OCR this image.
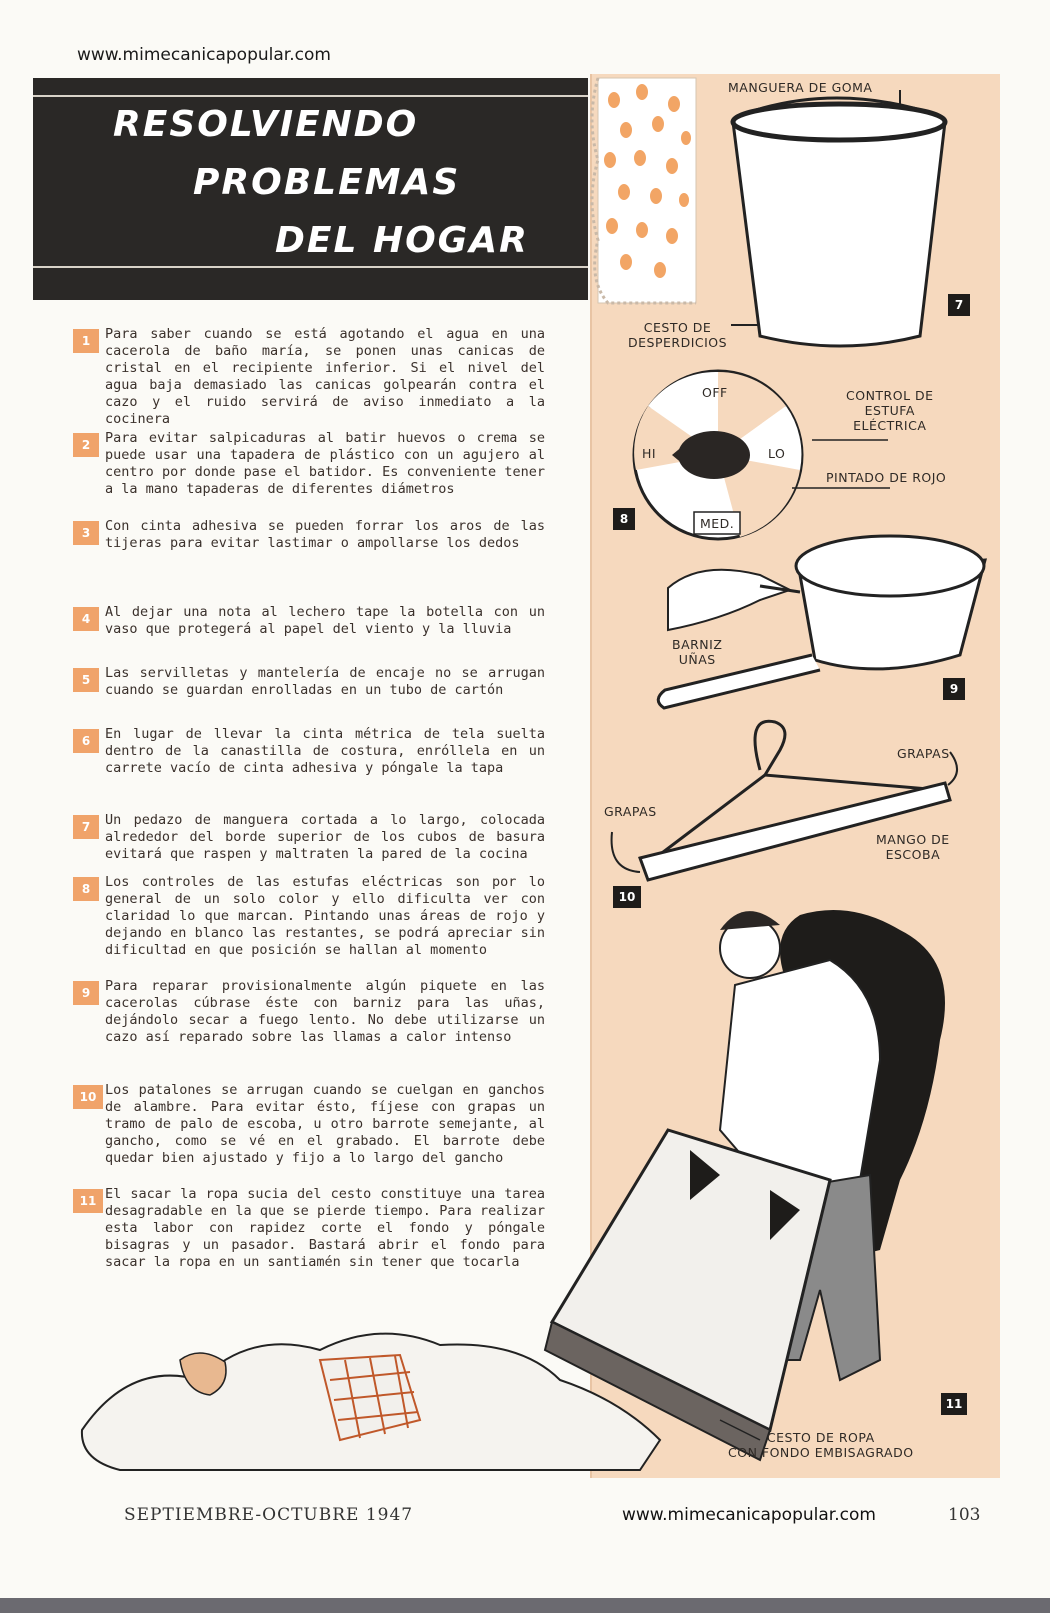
www.mimecanicapopular.com
RESOLVIENDO
PROBLEMAS
DEL HOGAR
MANGUERA DE GOMA
CESTO DE
DESPERDICIOS
7
CONTROL DE
ESTUFA
ELÉCTRICA
PINTADO DE ROJO
OFF
HI	LO
MED.
8
BARNIZ
UÑAS
9
GRAPAS
GRAPAS
MANGO DE
ESCOBA
10
11
CESTO DE ROPA
CON FONDO EMBISAGRADO
1	Para saber cuando se está agotando el agua en una cacerola de baño maría, se ponen unas canicas de cristal en el recipiente inferior. Si el nivel del agua baja demasiado las canicas golpearán contra el cazo y el ruido servirá de aviso inmediato a la cocinera

2	Para evitar salpicaduras al batir huevos o crema se puede usar una tapadera de plástico con un agujero al centro por donde pase el batidor. Es conveniente tener a la mano tapaderas de diferentes diámetros

3	Con cinta adhesiva se pueden forrar los aros de las tijeras para evitar lastimar o ampollarse los dedos

4	Al dejar una nota al lechero tape la botella con un vaso que protegerá al papel del viento y la lluvia

5	Las servilletas y mantelería de encaje no se arrugan cuando se guardan enrolladas en un tubo de cartón

6	En lugar de llevar la cinta métrica de tela suelta dentro de la canastilla de costura, enróllela en un carrete vacío de cinta adhesiva y póngale la tapa

7	Un pedazo de manguera cortada a lo largo, colocada alrededor del borde superior de los cubos de basura evitará que raspen y maltraten la pared de la cocina

8	Los controles de las estufas eléctricas son por lo general de un solo color y ello dificulta ver con claridad lo que marcan. Pintando unas áreas de rojo y dejando en blanco las restantes, se podrá apreciar sin dificultad en que posición se hallan al momento

9	Para reparar provisionalmente algún piquete en las cacerolas cúbrase éste con barniz para las uñas, dejándolo secar a fuego lento. No debe utilizarse un cazo así reparado sobre las llamas a calor intenso

10 Los patalones se arrugan cuando se cuelgan en ganchos de alambre. Para evitar ésto, fíjese con grapas un tramo de palo de escoba, u otro barrote semejante, al gancho, como se vé en el grabado. El barrote debe quedar bien ajustado y fijo a lo largo del gancho

11 El sacar la ropa sucia del cesto constituye una tarea desagradable en la que se pierde tiempo. Para realizar esta labor con rapidez corte el fondo y póngale bisagras y un pasador. Bastará abrir el fondo para sacar la ropa en un santiamén sin tener que tocarla

SEPTIEMBRE-OCTUBRE 1947	www.mimecanicapopular.com	103
